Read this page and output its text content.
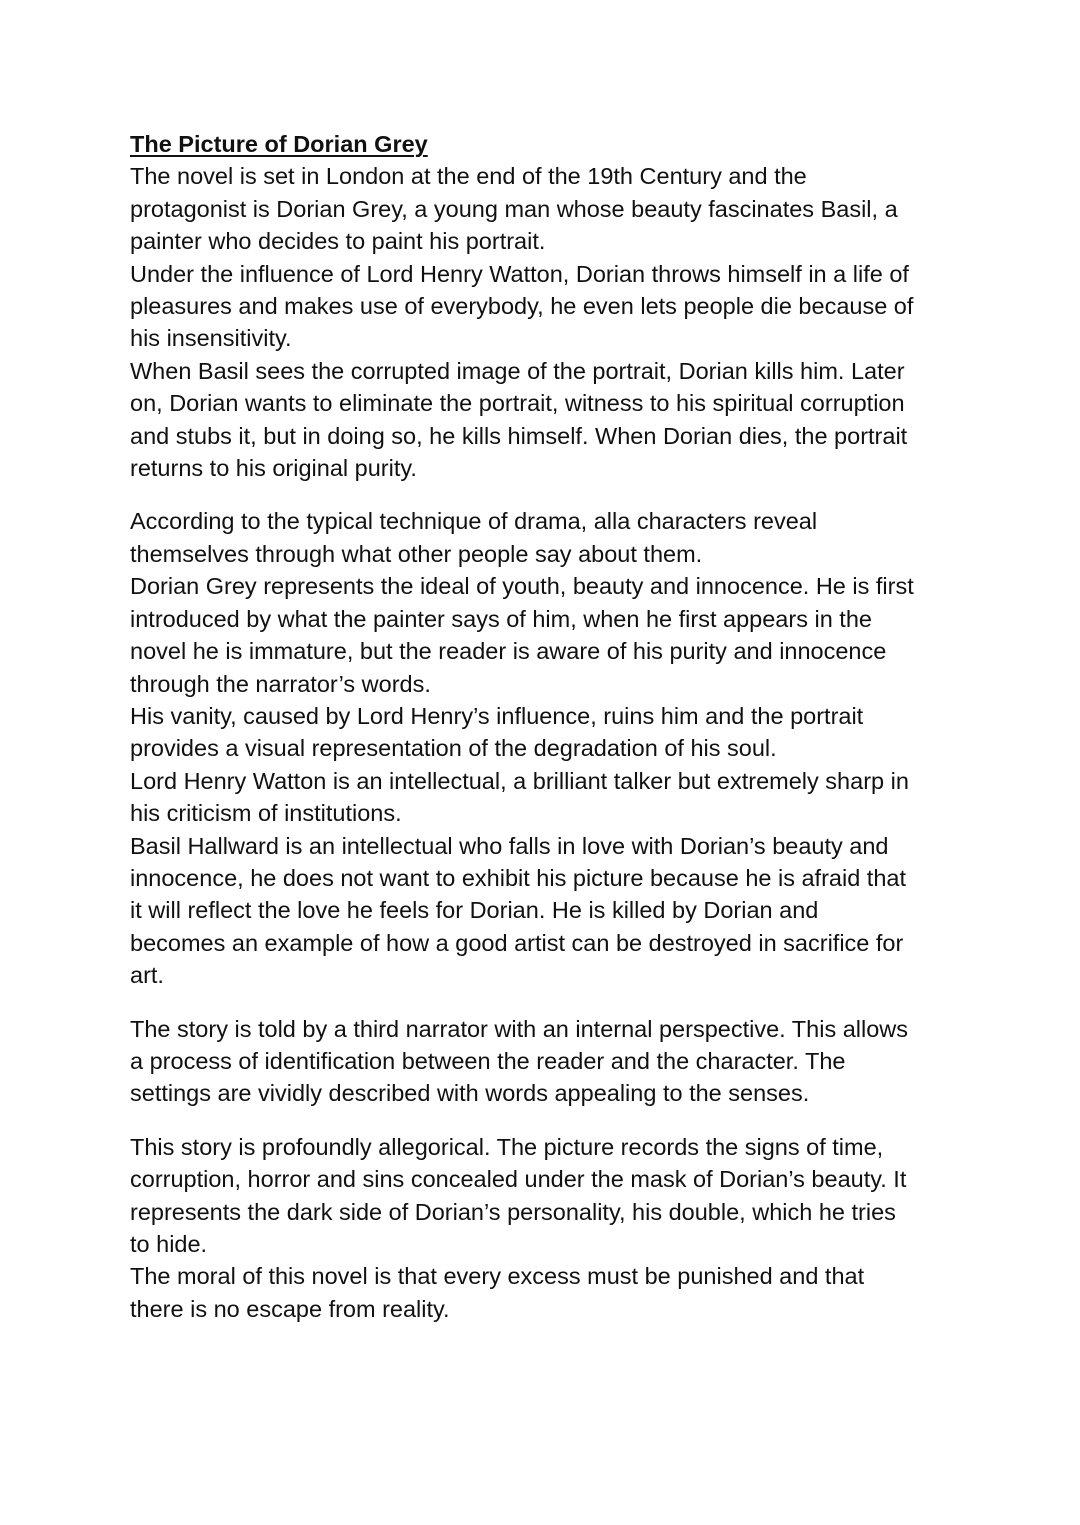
The Picture of Dorian Grey
The novel is set in London at the end of the 19th Century and the
protagonist is Dorian Grey, a young man whose beauty fascinates Basil, a
painter who decides to paint his portrait.
Under the influence of Lord Henry Watton, Dorian throws himself in a life of
pleasures and makes use of everybody, he even lets people die because of
his insensitivity.
When Basil sees the corrupted image of the portrait, Dorian kills him. Later
on, Dorian wants to eliminate the portrait, witness to his spiritual corruption
and stubs it, but in doing so, he kills himself. When Dorian dies, the portrait
returns to his original purity.
According to the typical technique of drama, alla characters reveal
themselves through what other people say about them.
Dorian Grey represents the ideal of youth, beauty and innocence. He is first
introduced by what the painter says of him, when he first appears in the
novel he is immature, but the reader is aware of his purity and innocence
through the narrator’s words.
His vanity, caused by Lord Henry’s influence, ruins him and the portrait
provides a visual representation of the degradation of his soul.
Lord Henry Watton is an intellectual, a brilliant talker but extremely sharp in
his criticism of institutions.
Basil Hallward is an intellectual who falls in love with Dorian’s beauty and
innocence, he does not want to exhibit his picture because he is afraid that
it will reflect the love he feels for Dorian. He is killed by Dorian and
becomes an example of how a good artist can be destroyed in sacrifice for
art.
The story is told by a third narrator with an internal perspective. This allows
a process of identification between the reader and the character. The
settings are vividly described with words appealing to the senses.
This story is profoundly allegorical. The picture records the signs of time,
corruption, horror and sins concealed under the mask of Dorian’s beauty. It
represents the dark side of Dorian’s personality, his double, which he tries
to hide.
The moral of this novel is that every excess must be punished and that
there is no escape from reality.
